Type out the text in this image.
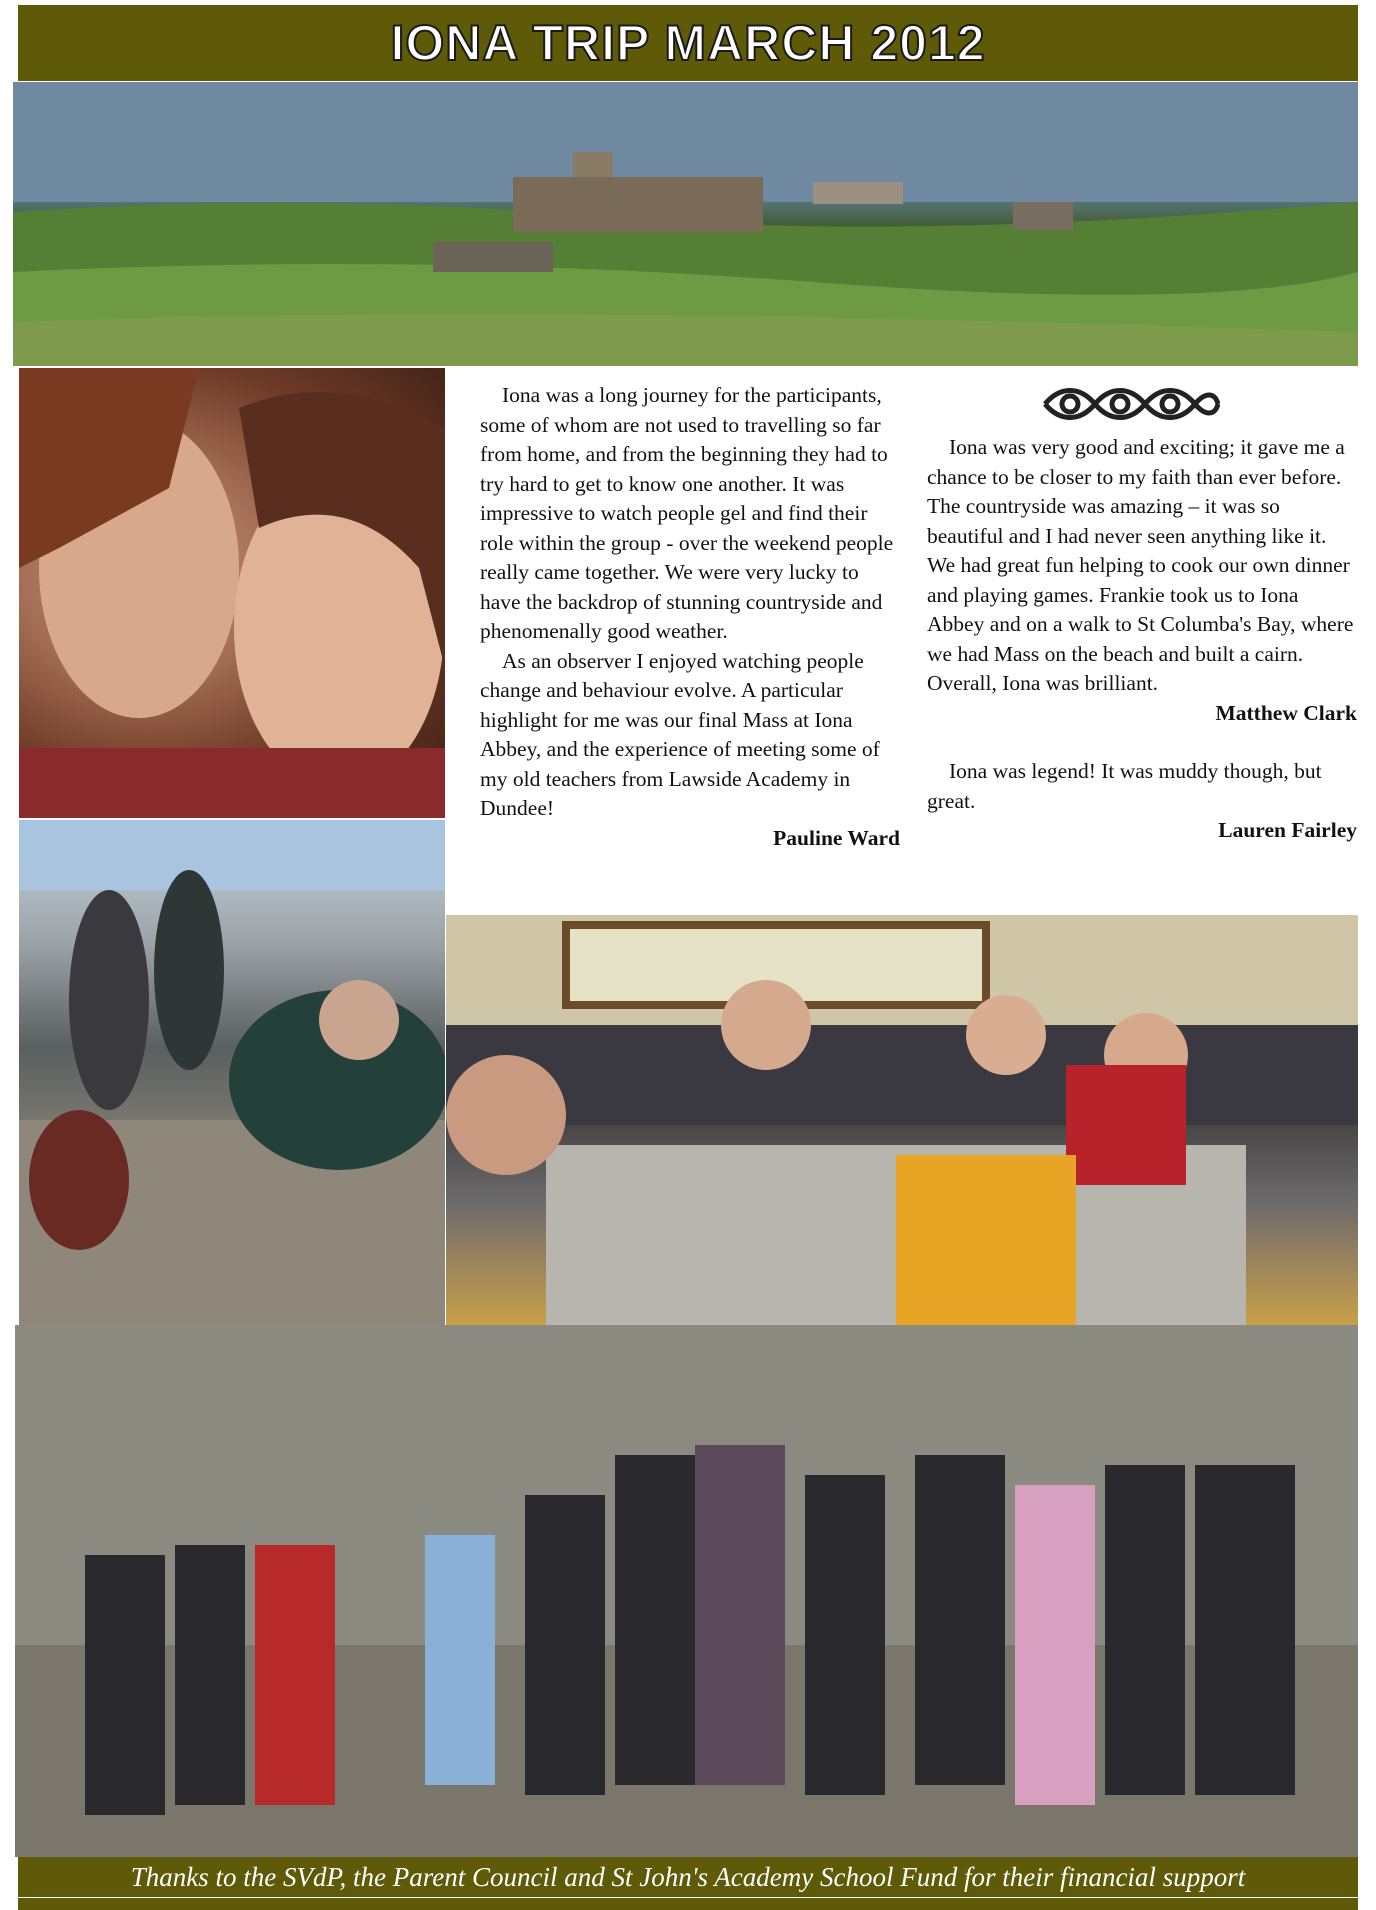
IONA TRIP MARCH 2012

Iona was a long journey for the participants, some of whom are not used to travelling so far from home, and from the beginning they had to try hard to get to know one another. It was impressive to watch people gel and find their role within the group - over the weekend people really came together. We were very lucky to have the backdrop of stunning countryside and phenomenally good weather.

As an observer I enjoyed watching people change and behaviour evolve. A particular highlight for me was our final Mass at Iona Abbey, and the experience of meeting some of my old teachers from Lawside Academy in Dundee!

Pauline Ward

Iona was very good and exciting; it gave me a chance to be closer to my faith than ever before. The countryside was amazing – it was so beautiful and I had never seen anything like it. We had great fun helping to cook our own dinner and playing games. Frankie took us to Iona Abbey and on a walk to St Columba's Bay, where we had Mass on the beach and built a cairn. Overall, Iona was brilliant.

Matthew Clark

Iona was legend! It was muddy though, but great.

Lauren Fairley

Thanks to the SVdP, the Parent Council and St John's Academy School Fund for their financial support
